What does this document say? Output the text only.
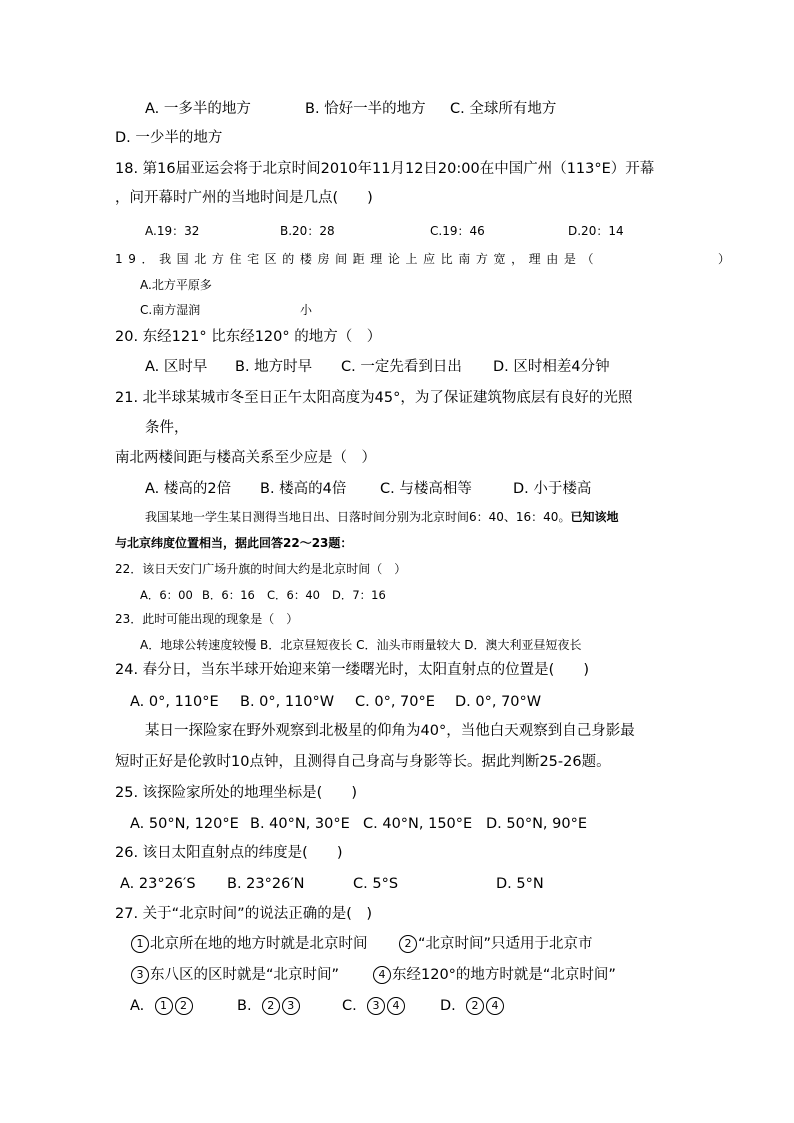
A. 一多半的地方	B. 恰好一半的地方 C. 全球所有地方
D. 一少半的地方
18. 第16届亚运会将于北京时间2010年11月12日20:00在中国广州（113°E）开幕
，问开幕时广州的当地时间是几点(　　)
A.19：32	B.20：28	C.19：46	D.20：14
19．我国北方住宅区的楼房间距理论上应比南方宽，理由是（	）
A.北方平原多
C.南方湿润	小
20. 东经121° 比东经120° 的地方（　）
A. 区时早 B. 地方时早 C. 一定先看到日出 D. 区时相差4分钟
21. 北半球某城市冬至日正午太阳高度为45°，为了保证建筑物底层有良好的光照
条件，
南北两楼间距与楼高关系至少应是（　）
A. 楼高的2倍 B. 楼高的4倍 C. 与楼高相等	D. 小于楼高
我国某地一学生某日测得当地日出、日落时间分别为北京时间6：40、16：40。已知该地
与北京纬度位置相当，据此回答22～23题：
22．该日天安门广场升旗的时间大约是北京时间（　）
A．6：00 B．6：16 C．6：40 D．7：16
23．此时可能出现的现象是（　）
A．地球公转速度较慢 B．北京昼短夜长 C．汕头市雨量较大 D．澳大利亚昼短夜长
24. 春分日，当东半球开始迎来第一缕曙光时，太阳直射点的位置是(　　)
A. 0°, 110°E B. 0°, 110°W C. 0°, 70°E D. 0°, 70°W
某日一探险家在野外观察到北极星的仰角为40°，当他白天观察到自己身影最
短时正好是伦敦时10点钟，且测得自己身高与身影等长。据此判断25-26题。
25. 该探险家所处的地理坐标是(　　)
A. 50°N, 120°E B. 40°N, 30°E C. 40°N, 150°E D. 50°N, 90°E
26. 该日太阳直射点的纬度是(　　)
A. 23°26′S B. 23°26′N	C. 5°S	D. 5°N
27. 关于“北京时间”的说法正确的是(　)
1 北京所在地的地方时就是北京时间	2 “北京时间”只适用于北京市
3 东八区的区时就是“北京时间”	4 东经120°的地方时就是“北京时间”
A. 1 2	B. 2 3	C. 3 4	D. 2 4
